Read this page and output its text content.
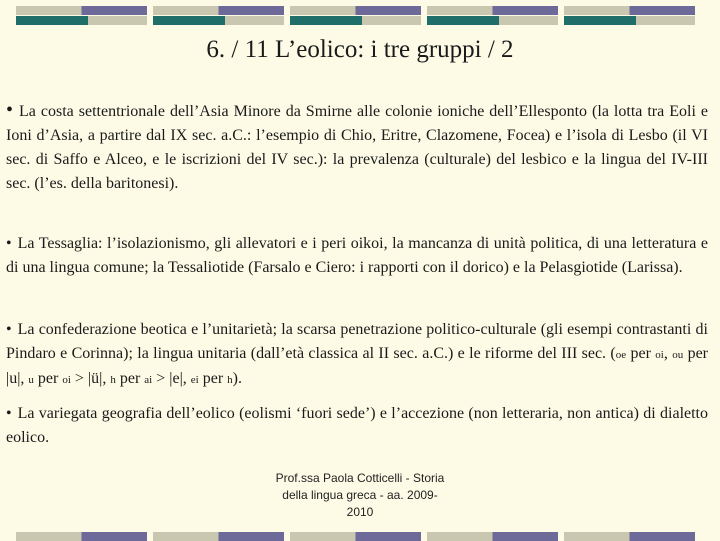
6. / 11 L’eolico: i tre gruppi / 2
• La costa settentrionale dell’Asia Minore da Smirne alle colonie ioniche dell’Ellesponto (la lotta tra Eoli e Ioni d’Asia, a partire dal IX sec. a.C.: l’esempio di Chio, Eritre, Clazomene, Focea) e l’isola di Lesbo (il VI sec. di Saffo e Alceo, e le iscrizioni del IV sec.): la prevalenza (culturale) del lesbico e la lingua del IV-III sec. (l’es. della baritonesi).
• La Tessaglia: l’isolazionismo, gli allevatori e i peri oikoi, la mancanza di unità politica, di una letteratura e di una lingua comune; la Tessaliotide (Farsalo e Ciero: i rapporti con il dorico) e la Pelasgiotide (Larissa).
• La confederazione beotica e l’unitarietà; la scarsa penetrazione politico-culturale (gli esempi contrastanti di Pindaro e Corinna); la lingua unitaria (dall’età classica al II sec. a.C.) e le riforme del III sec. (oe per oi, ou per |u|, u per oi > |ü|, h per ai > |e|, ei per h).
• La variegata geografia dell’eolico (eolismi ‘fuori sede’) e l’accezione (non letteraria, non antica) di dialetto eolico.
Prof.ssa Paola Cotticelli - Storia
della lingua greca - aa. 2009-
2010
